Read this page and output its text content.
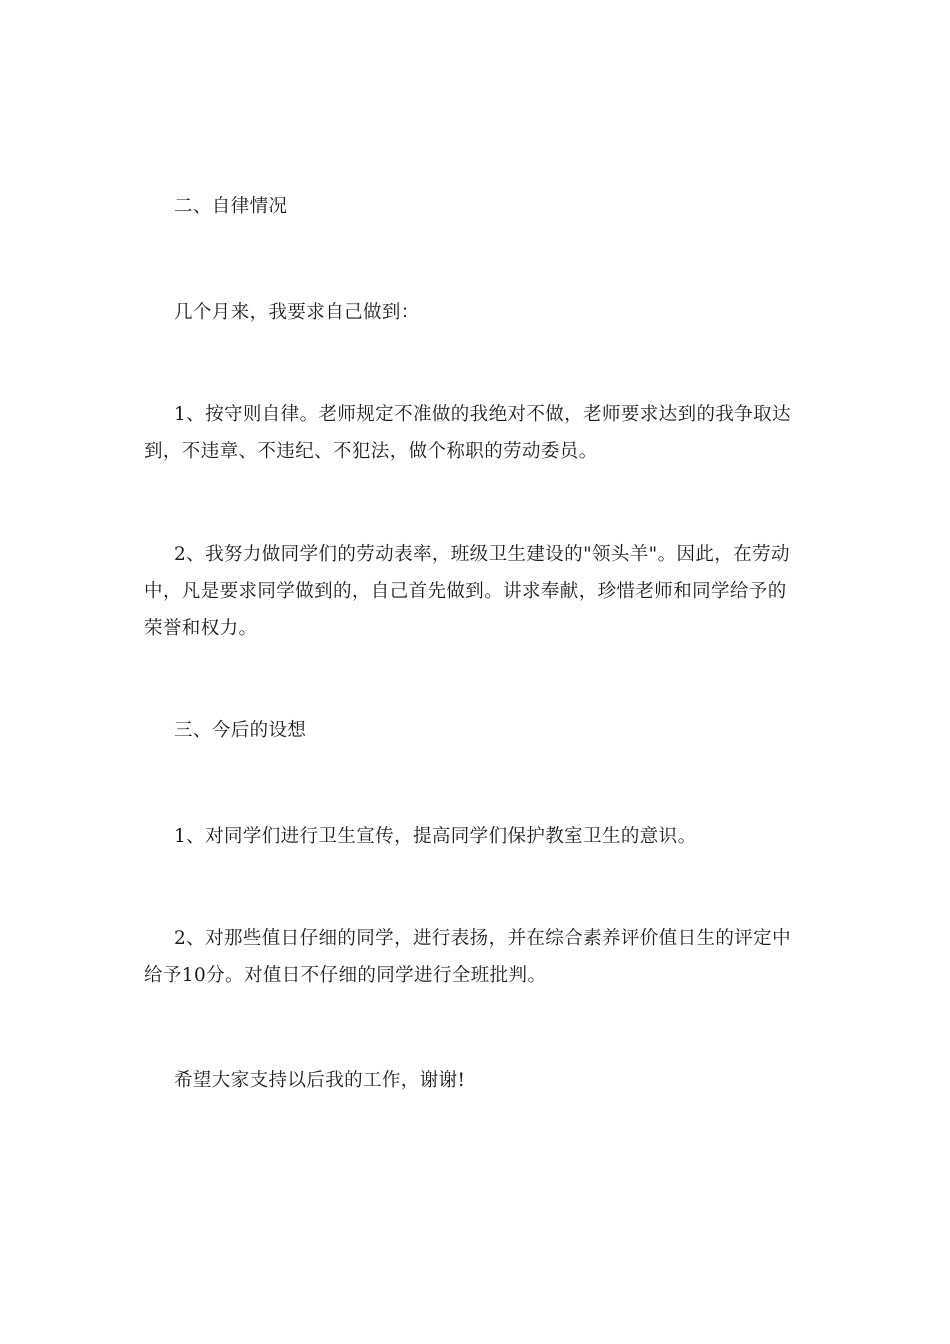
二、自律情况

几个月来，我要求自己做到：

1、按守则自律。老师规定不准做的我绝对不做，老师要求达到的我争取达到，不违章、不违纪、不犯法，做个称职的劳动委员。

2、我努力做同学们的劳动表率，班级卫生建设的"领头羊"。因此，在劳动中，凡是要求同学做到的，自己首先做到。讲求奉献，珍惜老师和同学给予的荣誉和权力。

三、今后的设想

1、对同学们进行卫生宣传，提高同学们保护教室卫生的意识。

2、对那些值日仔细的同学，进行表扬，并在综合素养评价值日生的评定中给予10分。对值日不仔细的同学进行全班批判。

希望大家支持以后我的工作，谢谢!
